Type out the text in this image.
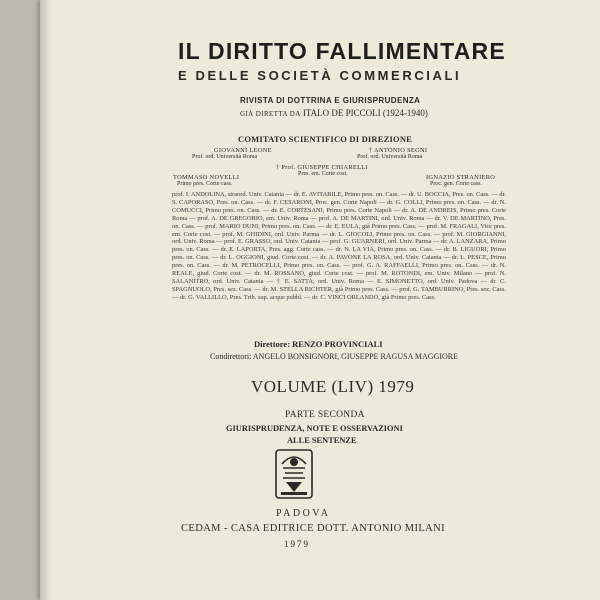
IL DIRITTO FALLIMENTARE
E DELLE SOCIETÀ COMMERCIALI
RIVISTA DI DOTTRINA E GIURISPRUDENZA
GIÀ DIRETTA DA ITALO DE PICCOLI (1924-1940)
COMITATO SCIENTIFICO DI DIREZIONE
GIOVANNI LEONE
Prof. ord. Università Roma
† ANTONIO SEGNI
Prof. ord. Università Roma
† Prof. GIUSEPPE CHIARELLI
Pres. em. Corte cost.
TOMMASO NOVELLI
Primo pres. Corte cass.
IGNAZIO STRANIERO
Proc. gen. Corte cass.
prof. I. ANDOLINA, straord. Univ. Catania — dr. E. AVITABILE, Primo pres. on. Cass. — dr. U. BOCCIA, Pres. on. Cass. — dr. S. CAPORASO, Pres. on. Cass. — dr. F. CESARONI, Proc. gen. Corte Napoli — dr. G. COLLI, Primo pres. on. Cass. — dr. N. COMUCCI, Primo pres. on. Cass. — dr. E. CORTESANI, Primo pres. Corte Napoli — dr. A. DE ANDREIS, Primo pres. Corte Roma — prof. A. DE GREGORIO, em. Univ. Roma — prof. A. DE MARTINI, ord. Univ. Roma — dr. V. DE MARTINO, Pres. on. Cass. — prof. MARIO DUNI, Primo pres. on. Cass. — dr. E. EULA, già Primo pres. Cass. — prof. M. FRAGALI, Vice pres. em. Corte cost. — prof. M. GHIDINI, ord. Univ. Parma — dr. L. GIOCOLI, Primo pres. on. Cass. — prof. M. GIORGIANNI, ord. Univ. Roma — prof. E. GRASSO, ord. Univ. Catania — prof. G. GUARNERI, ord. Univ. Parma — dr. A. LANZARA, Primo pres. on. Cass. — dr. E. LAPORTA, Pres. agg. Corte cass. — dr. N. LA VIA, Primo pres. on. Cass. — dr. B. LIGUORI, Primo pres. on. Cass. — dr. L. OGGIONI, giud. Corte cost. — dr. A. PAVONE LA ROSA, ord. Univ. Catania — dr. L. PESCE, Primo pres. on. Cass. — dr. M. PETROCELLI, Primo pres. on. Cass. — prof. G. A. RAFFAELLI, Primo pres. on. Cass. — dr. N. REALE, giud. Corte cost. — dr. M. ROSSANO, giud. Corte cost. — prof. M. ROTONDI, em. Univ. Milano — prof. N. SALANITRO, ord. Univ. Catania — † E. SATTA, ord. Univ. Roma — E. SIMONETTO, ord. Univ. Padova — dr. C. SPAGNUOLO, Pres. sez. Cass. — dr. M. STELLA RICHTER, già Primo pres. Cass. — prof. G. TAMBURRINO, Pres. sez. Cass. — dr. G. VALLILLO, Pres. Trib. sup. acque pubbl. — dr. C. VINCI ORLANDO, già Primo pres. Cass.
Direttore: RENZO PROVINCIALI
Condirettori: ANGELO BONSIGNORI, GIUSEPPE RAGUSA MAGGIORE
VOLUME (LIV) 1979
PARTE SECONDA
GIURISPRUDENZA, NOTE E OSSERVAZIONI
ALLE SENTENZE
PADOVA
CEDAM - CASA EDITRICE DOTT. ANTONIO MILANI
1979
